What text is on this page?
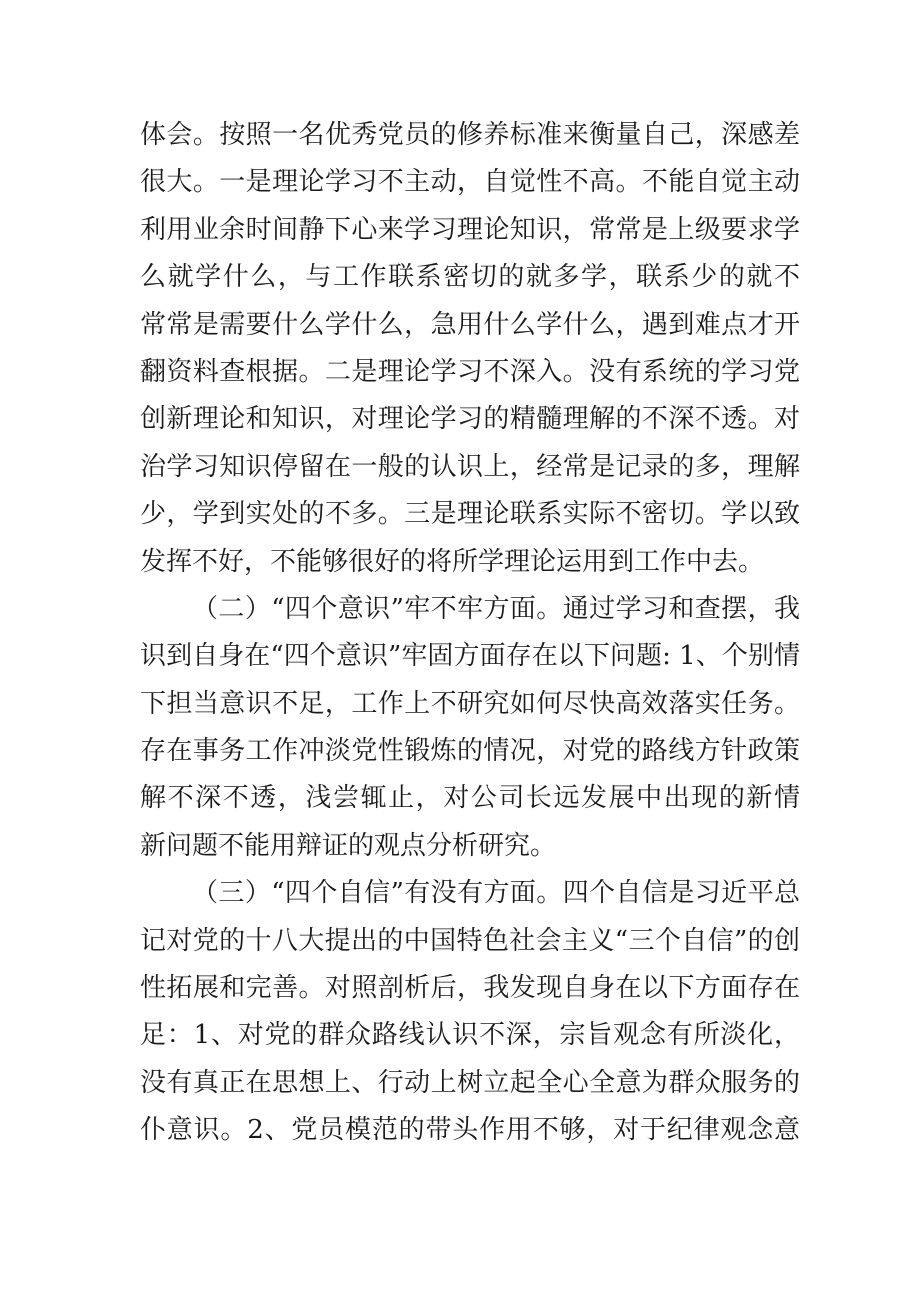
体会。按照一名优秀党员的修养标准来衡量自己，深感差
很大。一是理论学习不主动，自觉性不高。不能自觉主动
利用业余时间静下心来学习理论知识，常常是上级要求学
么就学什么，与工作联系密切的就多学，联系少的就不
常常是需要什么学什么，急用什么学什么，遇到难点才开
翻资料查根据。二是理论学习不深入。没有系统的学习党
创新理论和知识，对理论学习的精髓理解的不深不透。对
治学习知识停留在一般的认识上，经常是记录的多，理解
少，学到实处的不多。三是理论联系实际不密切。学以致
发挥不好，不能够很好的将所学理论运用到工作中去。
（二）“四个意识”牢不牢方面。通过学习和查摆，我
识到自身在“四个意识”牢固方面存在以下问题: 1、个别情
下担当意识不足，工作上不研究如何尽快高效落实任务。
存在事务工作冲淡党性锻炼的情况，对党的路线方针政策
解不深不透，浅尝辄止，对公司长远发展中出现的新情
新问题不能用辩证的观点分析研究。
（三）“四个自信”有没有方面。四个自信是习近平总
记对党的十八大提出的中国特色社会主义“三个自信”的创
性拓展和完善。对照剖析后，我发现自身在以下方面存在
足：1、对党的群众路线认识不深，宗旨观念有所淡化，
没有真正在思想上、行动上树立起全心全意为群众服务的
仆意识。2、党员模范的带头作用不够，对于纪律观念意
